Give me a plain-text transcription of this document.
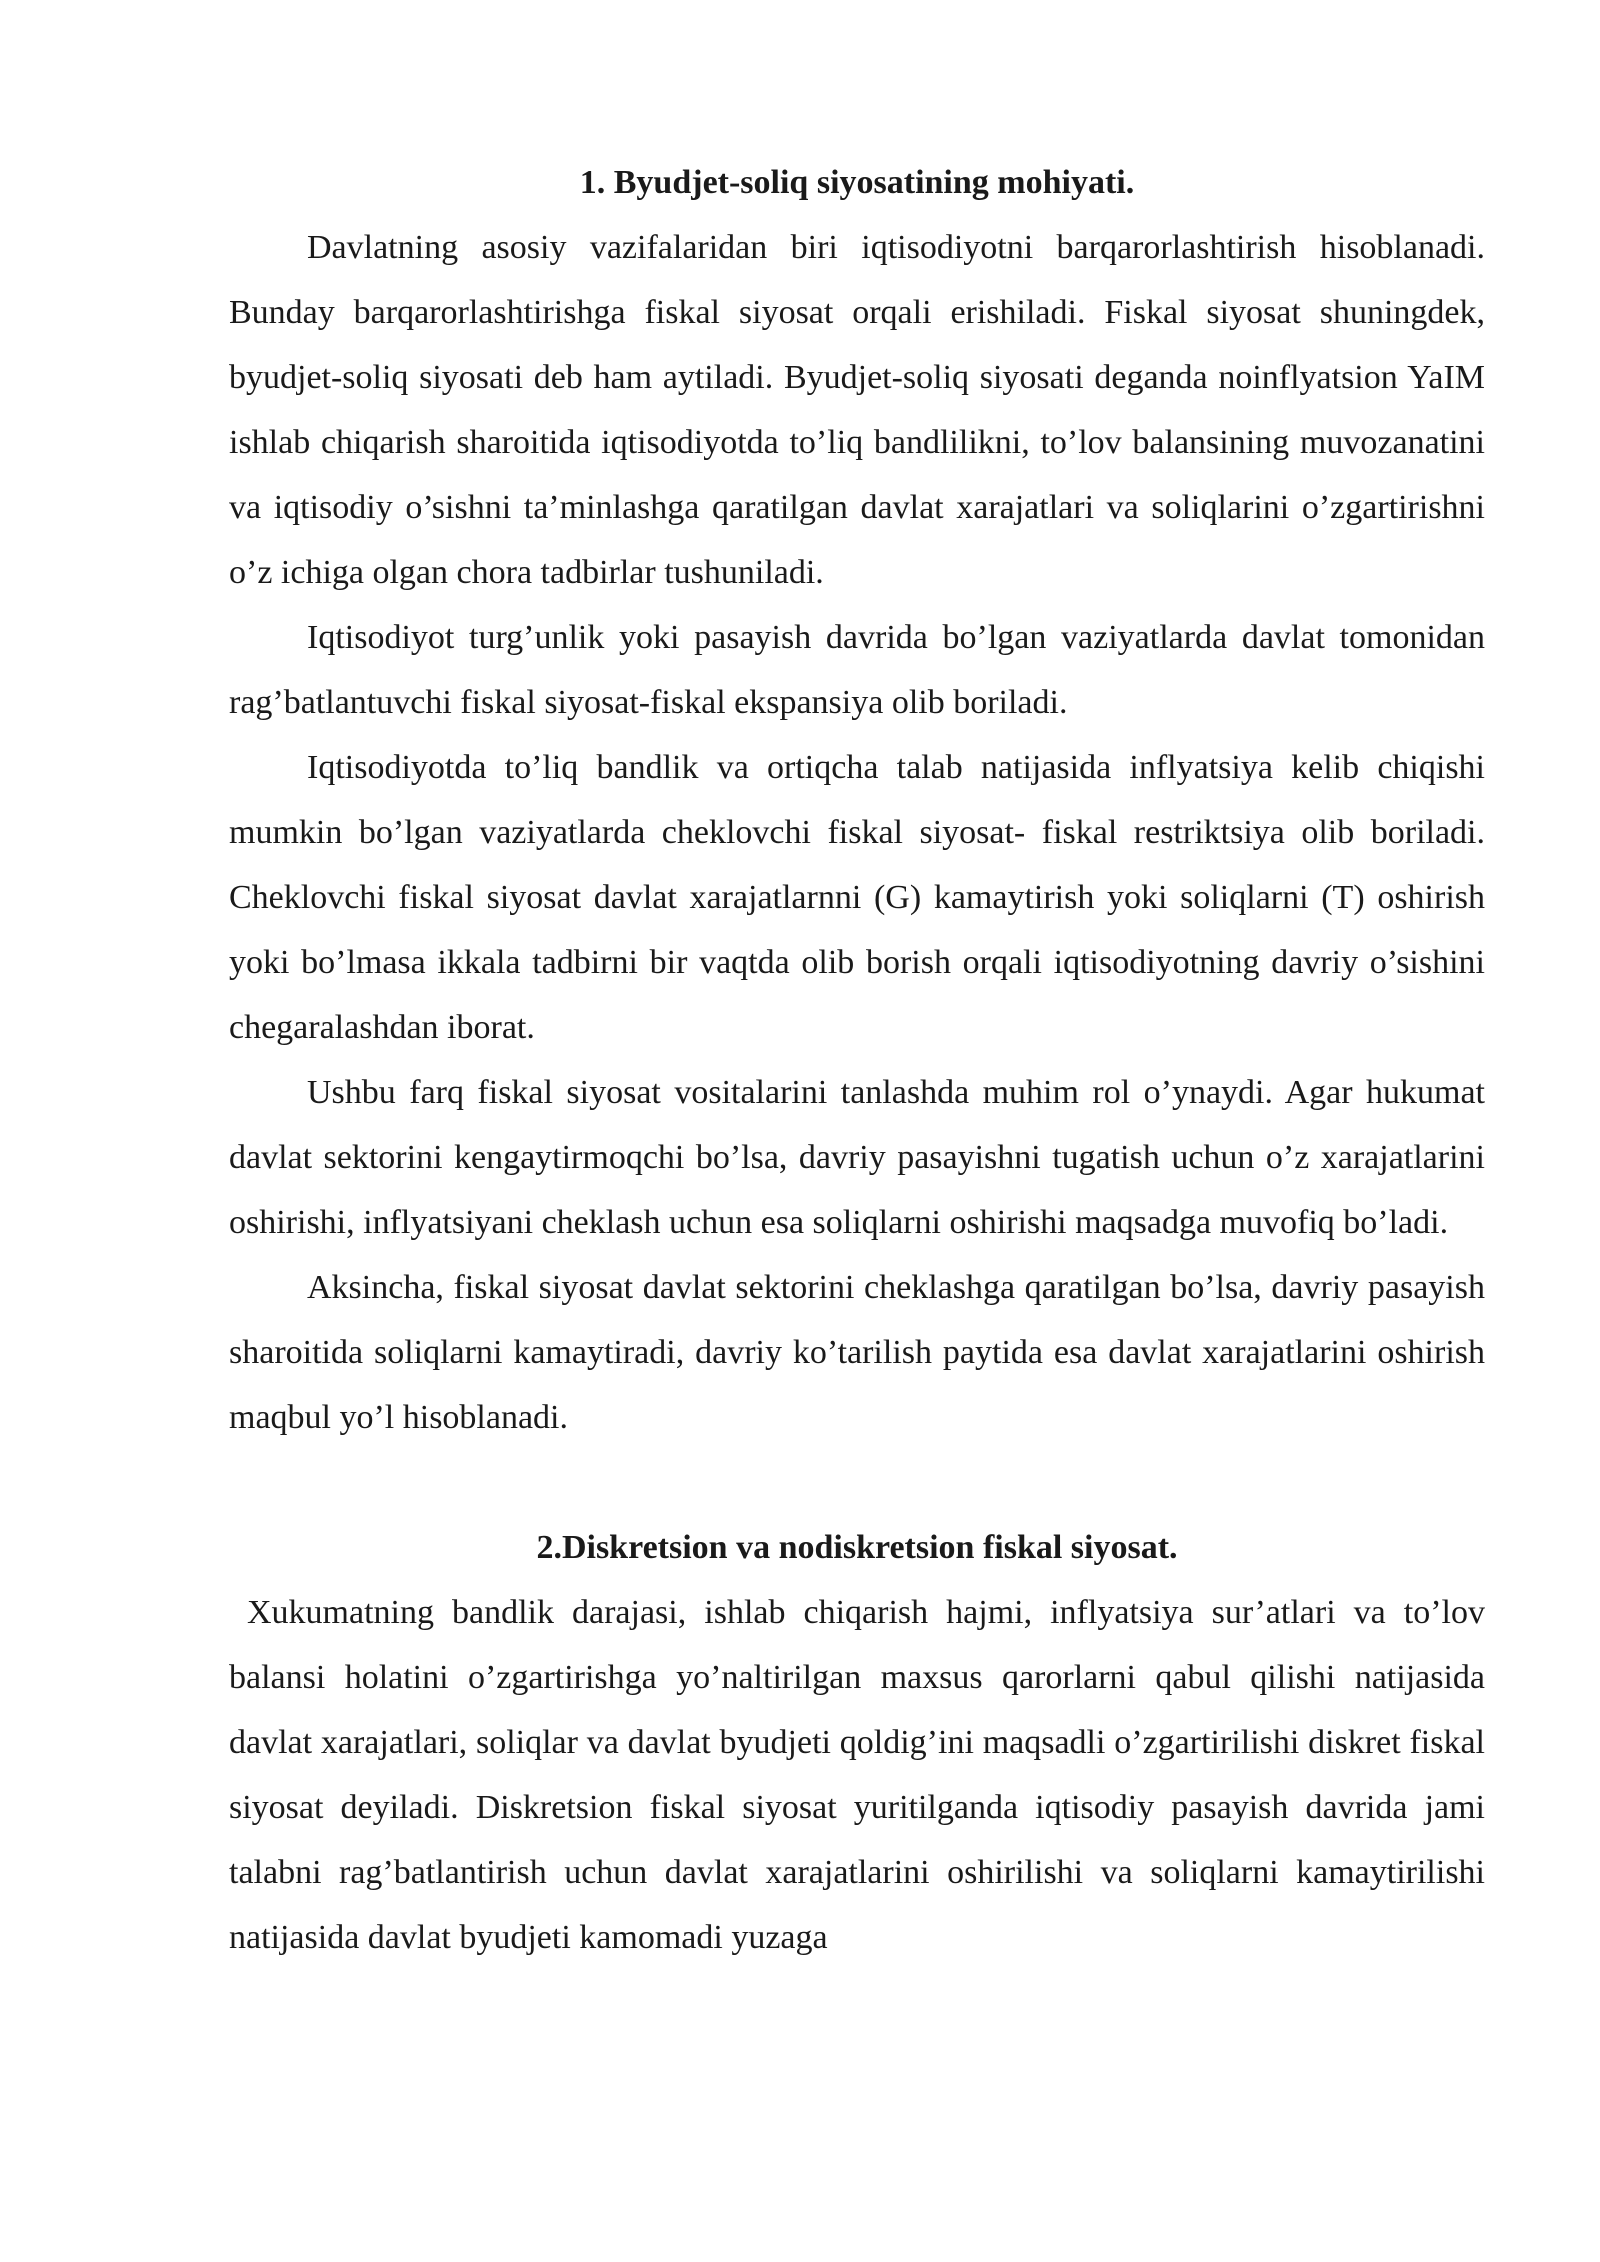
1. Byudjet-soliq siyosatining mohiyati.

Davlatning asosiy vazifalaridan biri iqtisodiyotni barqarorlashtirish hisoblanadi. Bunday barqarorlashtirishga fiskal siyosat orqali erishiladi. Fiskal siyosat shuningdek, byudjet-soliq siyosati deb ham aytiladi. Byudjet-soliq siyosati deganda noinflyatsion YaIM ishlab chiqarish sharoitida iqtisodiyotda to’liq bandlilikni, to’lov balansining muvozanatini va iqtisodiy o’sishni ta’minlashga qaratilgan davlat xarajatlari va soliqlarini o’zgartirishni o’z ichiga olgan chora tadbirlar tushuniladi.

Iqtisodiyot turg’unlik yoki pasayish davrida bo’lgan vaziyatlarda davlat tomonidan rag’batlantuvchi fiskal siyosat-fiskal ekspansiya olib boriladi.

Iqtisodiyotda to’liq bandlik va ortiqcha talab natijasida inflyatsiya kelib chiqishi mumkin bo’lgan vaziyatlarda cheklovchi fiskal siyosat- fiskal restriktsiya olib boriladi. Cheklovchi fiskal siyosat davlat xarajatlarnni (G) kamaytirish yoki soliqlarni (T) oshirish yoki bo’lmasa ikkala tadbirni bir vaqtda olib borish orqali iqtisodiyotning davriy o’sishini chegaralashdan iborat.

Ushbu farq fiskal siyosat vositalarini tanlashda muhim rol o’ynaydi. Agar hukumat davlat sektorini kengaytirmoqchi bo’lsa, davriy pasayishni tugatish uchun o’z xarajatlarini oshirishi, inflyatsiyani cheklash uchun esa soliqlarni oshirishi maqsadga muvofiq bo’ladi.

Aksincha, fiskal siyosat davlat sektorini cheklashga qaratilgan bo’lsa, davriy pasayish sharoitida soliqlarni kamaytiradi, davriy ko’tarilish paytida esa davlat xarajatlarini oshirish maqbul yo’l hisoblanadi.

2.Diskretsion va nodiskretsion fiskal siyosat.

Xukumatning bandlik darajasi, ishlab chiqarish hajmi, inflyatsiya sur’atlari va to’lov balansi holatini o’zgartirishga yo’naltirilgan maxsus qarorlarni qabul qilishi natijasida davlat xarajatlari, soliqlar va davlat byudjeti qoldig’ini maqsadli o’zgartirilishi diskret fiskal siyosat deyiladi. Diskretsion fiskal siyosat yuritilganda iqtisodiy pasayish davrida jami talabni rag’batlantirish uchun davlat xarajatlarini oshirilishi va soliqlarni kamaytirilishi natijasida davlat byudjeti kamomadi yuzaga
